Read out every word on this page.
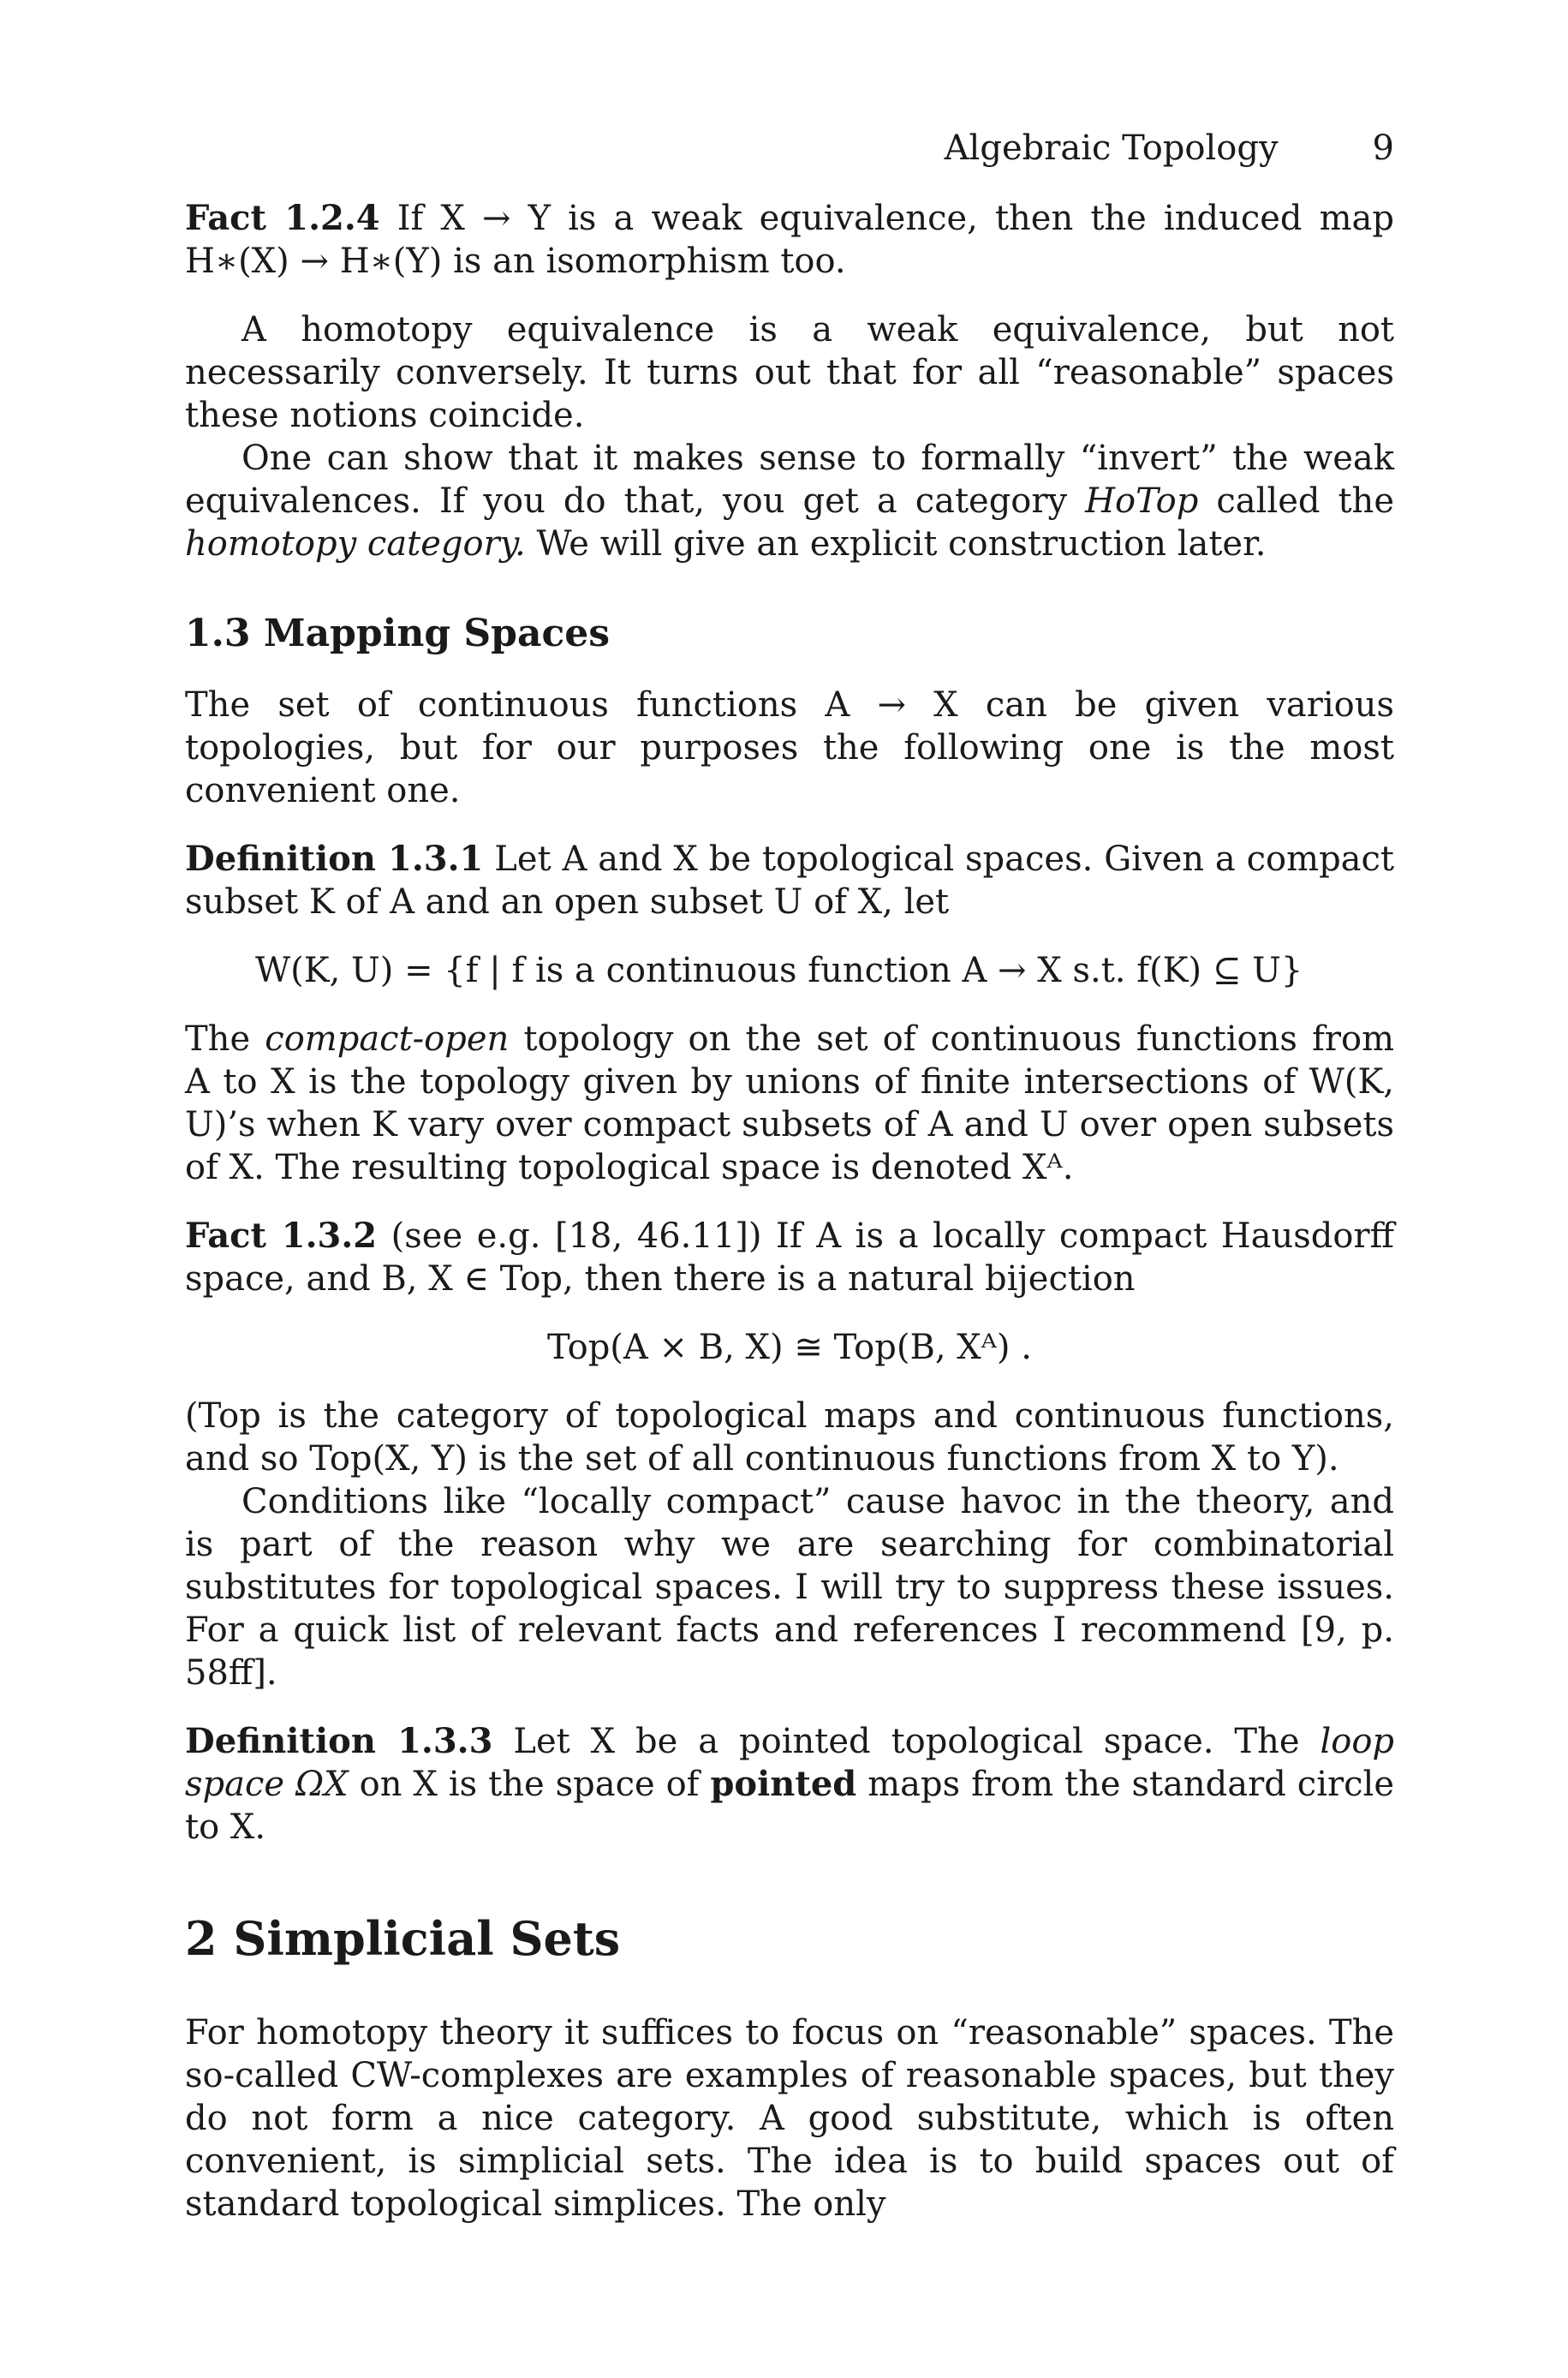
Algebraic Topology	9

Fact 1.2.4 If X → Y is a weak equivalence, then the induced map H∗(X) → H∗(Y) is an isomorphism too.

A homotopy equivalence is a weak equivalence, but not necessarily conversely. It turns out that for all “reasonable” spaces these notions coincide.

One can show that it makes sense to formally “invert” the weak equivalences. If you do that, you get a category HoTop called the homotopy category. We will give an explicit construction later.

1.3 Mapping Spaces

The set of continuous functions A → X can be given various topologies, but for our purposes the following one is the most convenient one.

Definition 1.3.1 Let A and X be topological spaces. Given a compact subset K of A and an open subset U of X, let

W(K, U) = {f | f is a continuous function A → X s.t. f(K) ⊆ U}

The compact-open topology on the set of continuous functions from A to X is the topology given by unions of finite intersections of W(K, U)’s when K vary over compact subsets of A and U over open subsets of X. The resulting topological space is denoted Xᴬ.

Fact 1.3.2 (see e.g. [18, 46.11]) If A is a locally compact Hausdorff space, and B, X ∈ Top, then there is a natural bijection

Top(A × B, X) ≅ Top(B, Xᴬ) .

(Top is the category of topological maps and continuous functions, and so Top(X, Y) is the set of all continuous functions from X to Y).

Conditions like “locally compact” cause havoc in the theory, and is part of the reason why we are searching for combinatorial substitutes for topological spaces. I will try to suppress these issues. For a quick list of relevant facts and references I recommend [9, p. 58ff].

Definition 1.3.3 Let X be a pointed topological space. The loop space ΩX on X is the space of pointed maps from the standard circle to X.

2 Simplicial Sets

For homotopy theory it suffices to focus on “reasonable” spaces. The so-called CW-complexes are examples of reasonable spaces, but they do not form a nice category. A good substitute, which is often convenient, is simplicial sets. The idea is to build spaces out of standard topological simplices. The only
